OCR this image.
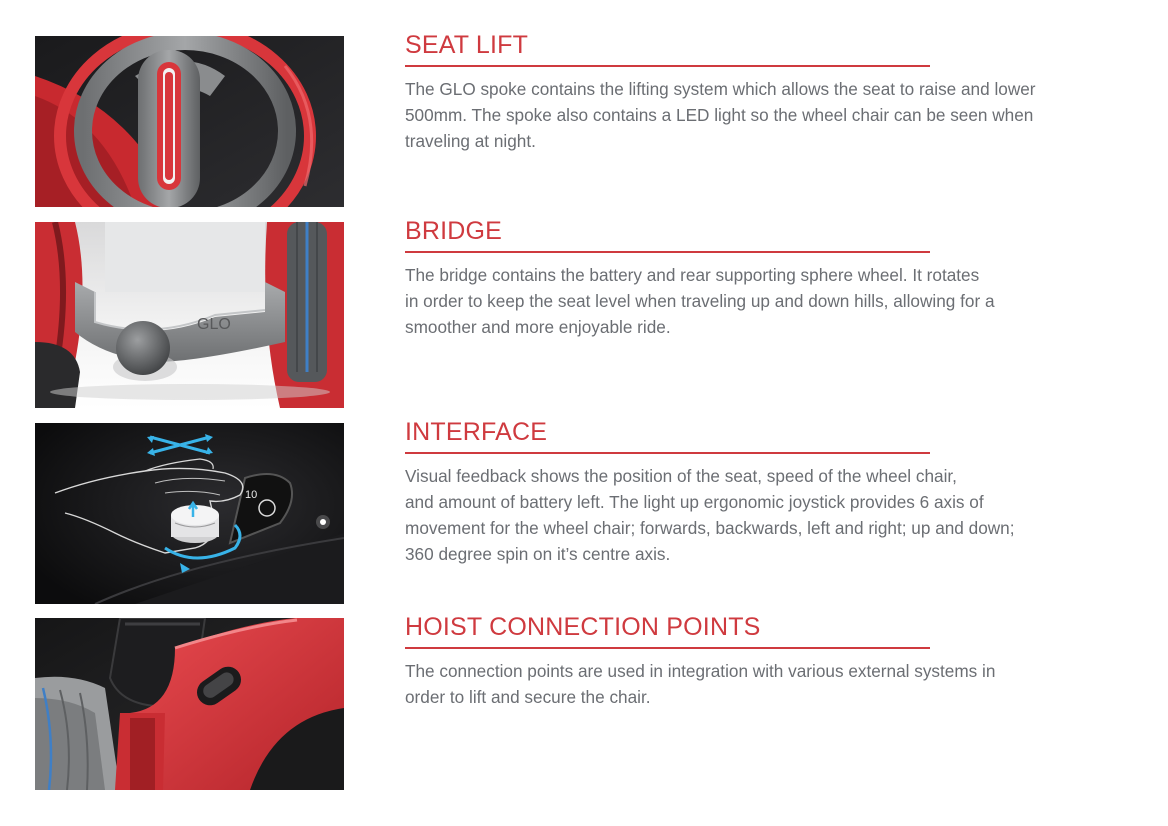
GLO
10
SEAT LIFT
The GLO spoke contains the lifting system which allows the seat to raise and lower
500mm. The spoke also contains a LED light so the wheel chair can be seen when
traveling at night.
BRIDGE
The bridge contains the battery and rear supporting sphere wheel. It rotates
in order to keep the seat level when traveling up and down hills, allowing for a
smoother and more enjoyable ride.
INTERFACE
Visual feedback shows the position of the seat, speed of the wheel chair,
and amount of battery left. The light up ergonomic joystick provides 6 axis of
movement for the wheel chair; forwards, backwards, left and right; up and down;
360 degree spin on it’s centre axis.
HOIST CONNECTION POINTS
The connection points are used in integration with various external systems in
order to lift and secure the chair.
